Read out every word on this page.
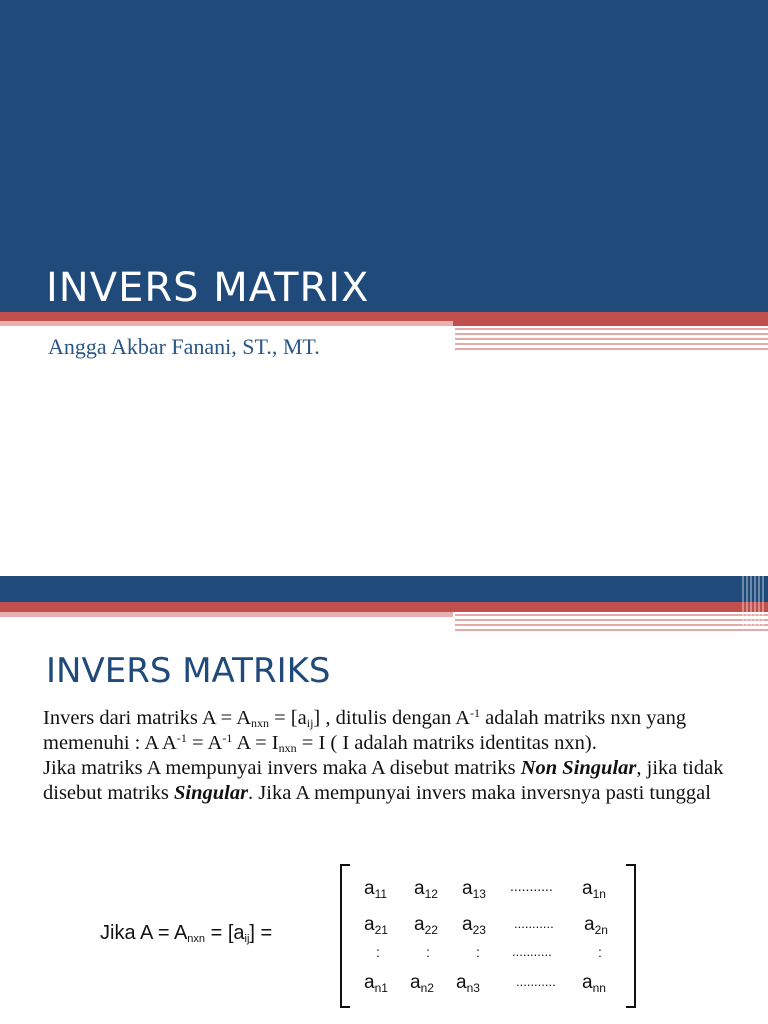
INVERS MATRIX
Angga Akbar Fanani, ST., MT.
INVERS MATRIKS

Invers dari matriks $A = A_{nxn} = [a_{ij}]$ , ditulis dengan $A^{-1}$ adalah matriks nxn yang memenuhi : A $A^{-1} = A^{-1}$ $A = I_{nxn} = I$ ( I adalah matriks identitas nxn).

Jika matriks A mempunyai invers maka A disebut matriks Non Singular, jika tidak disebut matriks Singular. Jika A mempunyai invers maka inversnya pasti tunggal

Jika $A = A_{nxn} = [a_{ij}]$ =
$a_{11}$ $a_{12}$ $a_{13}$ ........... $a_{1n}$
$a_{21}$ $a_{22}$ $a_{23}$ ........... $a_{2n}$
:	:	: ...........	:
$a_{n1}$ $a_{n2}$ $a_{n3}$	........... $a_{nn}$
